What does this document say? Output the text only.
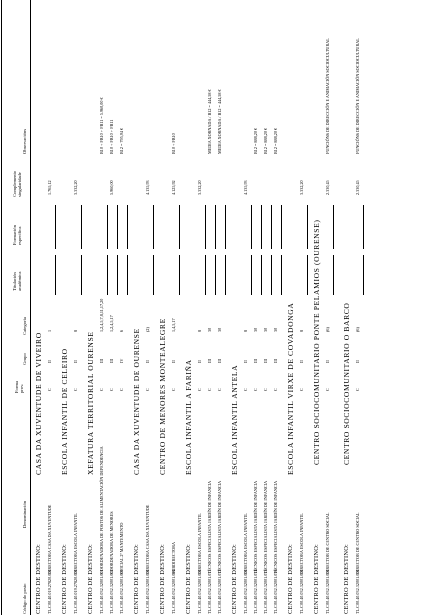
Código do posto
Denominación
Forma prov.
Grupo
Categoría
Titulación académica
Formación específica
Complemento singularidade
Observacións
CENTRO DE DESTINO:
CASA DA XUVENTUDE DE VIVEIRO
TL.C00.40.019.27820.001
DIRECTORA CASA DA XUVENTUDE
C
II
1
1.765,12
CENTRO DE DESTINO:
ESCOLA INFANTIL DE CELEIRO
TL.C00.40.019.27820.001
DIRECTORA ESCOLA INFANTIL
C
II
8
3.332,20
CENTRO DE DESTINO:
XEFATURA TERRITORIAL OURENSE
TL.C00.40.032.32001.001
COORDENADORA DE POSTOS DE ALIMENTACIÓN DEPENDENCIA
C
III
1,2,4,5,7,8,11,17,20
B10 + FB10 + FB11 = 5.960,00 €
TL.C00.40.032.32001.002
COORDENADORA DE MENORES
C
III
1,2,4,5,17
5.960,00
B10 + FB10 + FB11
TL.C00.40.032.32001.003
OFICIAL 2ª MANTEMENTO
C
IV
6
B12 = 795,94 €
CENTRO DE DESTINO:
CASA DA XUVENTUDE DE OURENSE
TL.C00.40.032.32001.001
DIRECTORA CASA DA XUVENTUDE
C
II
(2)
4.135,93
CENTRO DE DESTINO:
CENTRO DE MENORES MONTEALEGRE
TL.C00.40.032.32001.004
SUBDIRECTORA
C
II
1,4,5,17
4.125,92
B10 + FB10
CENTRO DE DESTINO:
ESCOLA INFANTIL A FARIÑA
TL.C00.40.032.32001.001
DIRECTORA ESCOLA INFANTIL
C
II
8
3.332,20
TL.C00.40.032.32001.011
TÉCNICOS ESPECIALISTA JARDÍN DE INFANCIA
C
III
30
MEDIA XORNADA / B12 = 444,58 €
TL.C00.40.032.32001.012
TÉCNICOS ESPECIALISTA JARDÍN DE INFANCIA
C
III
30
MEDIA XORNADA / B12 = 444,58 €
CENTRO DE DESTINO:
ESCOLA INFANTIL ANTELA
TL.C00.40.032.32001.001
DIRECTORA ESCOLA INFANTIL
C
II
8
4.135,93
TL.C00.40.032.32001.014
TÉCNICOS ESPECIALISTA JARDÍN DE INFANCIA
C
III
30
B12 = 888,20 €
TL.C00.40.032.32001.015
TÉCNICOS ESPECIALISTA JARDÍN DE INFANCIA
C
III
30
B12 = 888,20 €
TL.C00.40.032.32001.016
TÉCNICOS ESPECIALISTA JARDÍN DE INFANCIA
C
III
30
B12 = 888,20 €
CENTRO DE DESTINO:
ESCOLA INFANTIL VIRXE DE COVADONGA
TL.C00.40.032.32001.001
DIRECTORA ESCOLA INFANTIL
C
II
8
3.332,20
CENTRO DE DESTINO:
CENTRO SOCIOCOMUNITARIO PONTE PELAMIOS (OURENSE)
TL.C00.40.032.32001.001
DIRECTOR DE CENTRO SOCIAL
C
II
(6)
2.330,45
FUNCIÓNS DE DIRECCIÓN E ANIMACIÓN SOCIOCULTURAL
CENTRO DE DESTINO:
CENTRO SOCIOCOMUNITARIO O BARCO
TL.C00.40.032.32001.001
DIRECTOR DE CENTRO SOCIAL
C
II
(6)
2.330,45
FUNCIÓNS DE DIRECCIÓN E ANIMACIÓN SOCIOCULTURAL
